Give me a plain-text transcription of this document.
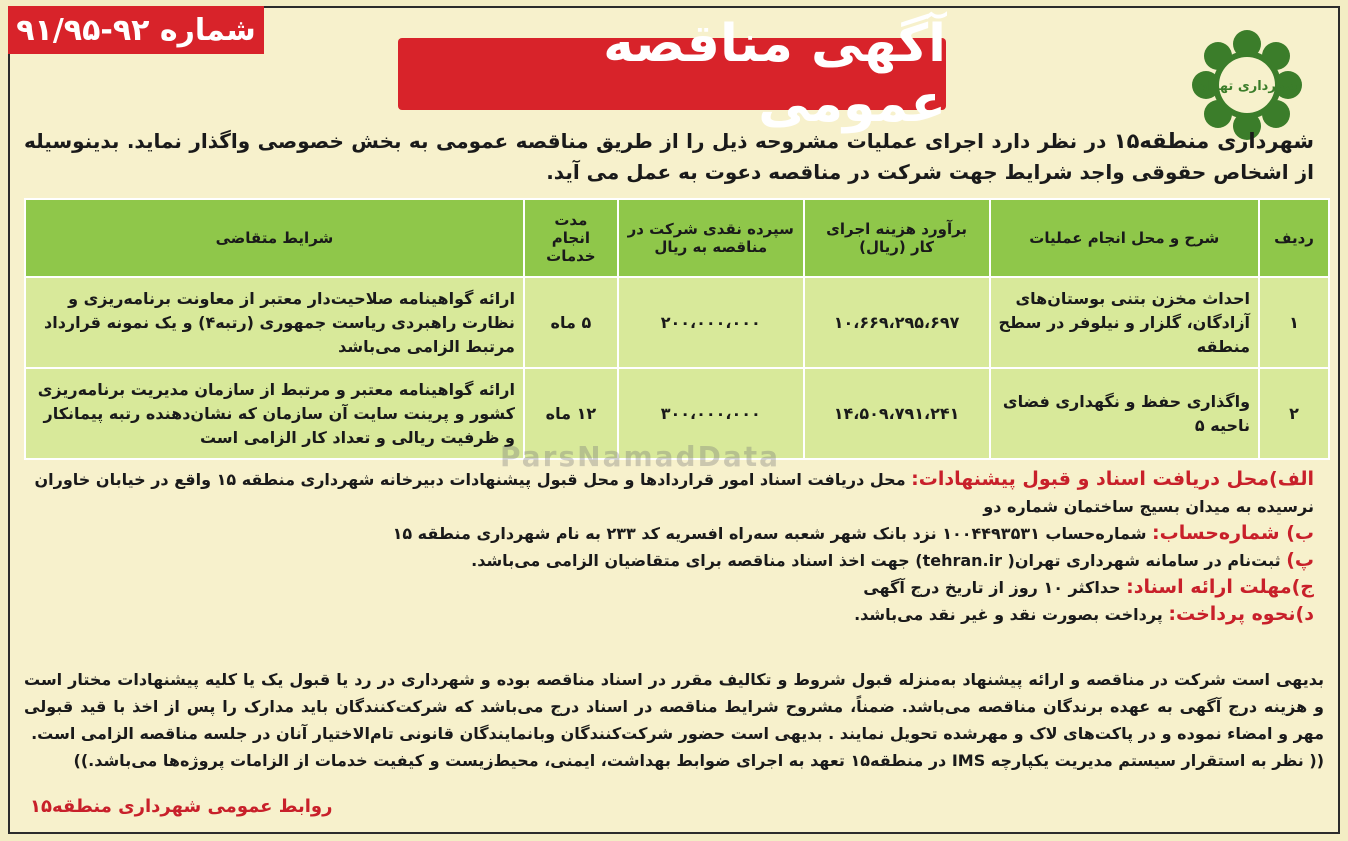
شماره ۹۲-۹۱/۹۵	آگهی مناقصه عمومی	شهرداری تهران
شهرداری منطقه۱۵ در نظر دارد اجرای عملیات مشروحه ذیل را از طریق مناقصه عمومی به بخش خصوصی واگذار نماید. بدینوسیله از اشخاص حقوقی واجد شرایط جهت شرکت در مناقصه دعوت به عمل می آید.
ردیف	شرح و محل انجام عملیات	برآورد هزینه اجرای کار (ریال)	سپرده نقدی شرکت در مناقصه به ریال	مدت انجام خدمات	شرایط متقاضی
۱	احداث مخزن بتنی بوستان‌های آزادگان، گلزار و نیلوفر در سطح منطقه	۱۰،۶۶۹،۲۹۵،۶۹۷	۲۰۰،۰۰۰،۰۰۰	۵ ماه	ارائه گواهینامه صلاحیت‌دار معتبر از معاونت برنامه‌ریزی و نظارت راهبردی ریاست جمهوری (رتبه۴) و یک نمونه قرارداد مرتبط الزامی می‌باشد
۲	واگذاری حفظ و نگهداری فضای ناحیه ۵	۱۴،۵۰۹،۷۹۱،۲۴۱	۳۰۰،۰۰۰،۰۰۰	۱۲ ماه	ارائه گواهینامه معتبر و مرتبط از سازمان مدیریت برنامه‌ریزی کشور و پرینت سایت آن سازمان که نشان‌دهنده رتبه پیمانکار و ظرفیت ریالی و تعداد کار الزامی است
ParsNamadData

الف)محل دریافت اسناد و قبول پیشنهادات: محل دریافت اسناد امور قراردادها و محل قبول پیشنهادات دبیرخانه شهرداری منطقه ۱۵ واقع در خیابان خاوران نرسیده به میدان بسیج ساختمان شماره دو

ب) شماره‌حساب: شماره‌حساب ۱۰۰۴۴۹۳۵۳۱ نزد بانک شهر شعبه سه‌راه افسریه کد ۲۳۳ به نام شهرداری منطقه ۱۵

پ) ثبت‌نام در سامانه شهرداری تهران( tehran.ir) جهت اخذ اسناد مناقصه برای متقاضیان الزامی می‌باشد.

ج)مهلت ارائه اسناد: حداکثر ۱۰ روز از تاریخ درج آگهی

د)نحوه پرداخت: پرداخت بصورت نقد و غیر نقد می‌باشد.

بدیهی است شرکت در مناقصه و ارائه پیشنهاد به‌منزله قبول شروط و تکالیف مقرر در اسناد مناقصه بوده و شهرداری در رد یا قبول یک یا کلیه پیشنهادات مختار است و هزینه درج آگهی به عهده برندگان مناقصه می‌باشد. ضمناً، مشروح شرایط مناقصه در اسناد درج می‌باشد که شرکت‌کنندگان باید مدارک را پس از اخذ با قید قبولی مهر و امضاء نموده و در پاکت‌های لاک و مهرشده تحویل نمایند . بدیهی است حضور شرکت‌کنندگان وبانمایندگان قانونی تام‌الاختیار آنان در جلسه مناقصه الزامی است.
(( نظر به استقرار سیستم مدیریت یکپارچه IMS در منطقه۱۵ تعهد به اجرای ضوابط بهداشت، ایمنی، محیط‌زیست و کیفیت خدمات از الزامات پروژه‌ها می‌باشد.))
روابط عمومی شهرداری منطقه۱۵
